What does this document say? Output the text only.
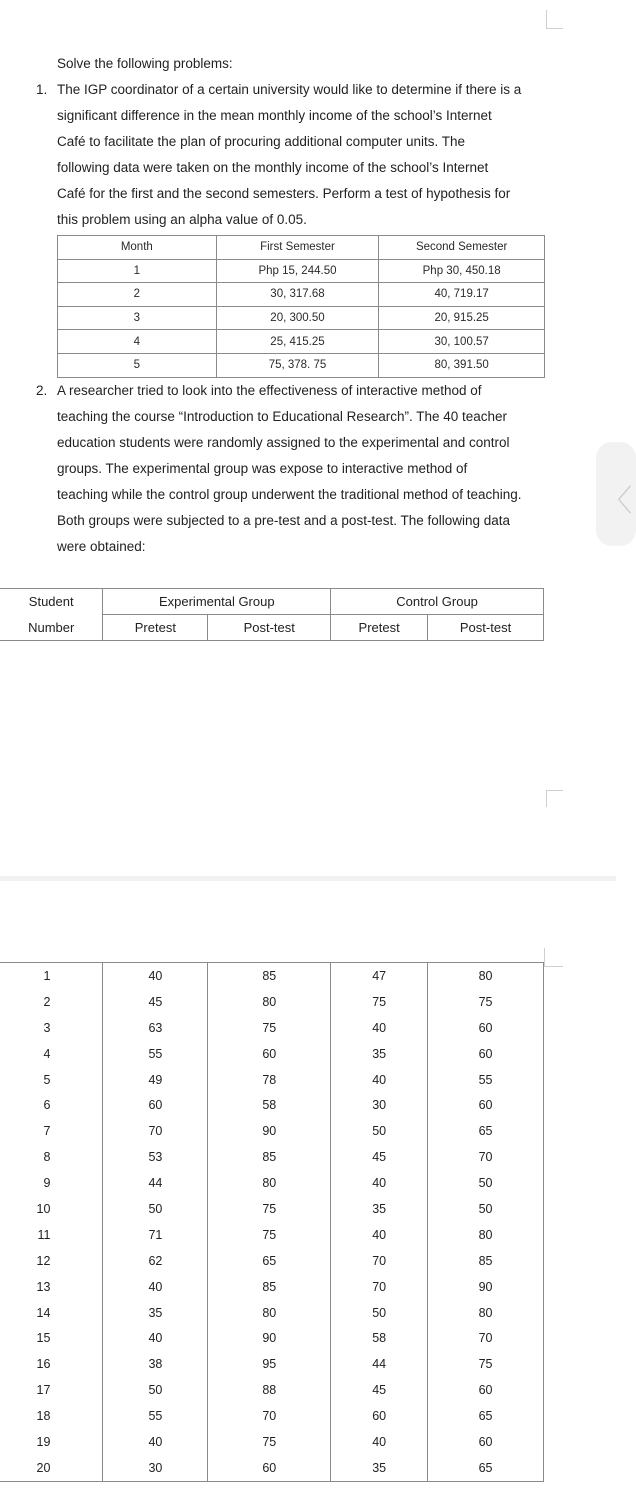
〈
Solve the following problems:
1. The IGP coordinator of a certain university would like to determine if there is a
significant difference in the mean monthly income of the school’s Internet
Café to facilitate the plan of procuring additional computer units. The
following data were taken on the monthly income of the school’s Internet
Café for the first and the second semesters. Perform a test of hypothesis for
this problem using an alpha value of 0.05.
Month	First Semester	Second Semester
1	Php 15, 244.50	Php 30, 450.18
2	30, 317.68	40, 719.17
3	20, 300.50	20, 915.25
4	25, 415.25	30, 100.57
5	75, 378. 75	80, 391.50
2. A researcher tried to look into the effectiveness of interactive method of
teaching the course “Introduction to Educational Research”. The 40 teacher
education students were randomly assigned to the experimental and control
groups. The experimental group was expose to interactive method of
teaching while the control group underwent the traditional method of teaching.
Both groups were subjected to a pre-test and a post-test. The following data
were obtained:
Student	Experimental Group		Control Group	
Number	Pretest	Post-test	Pretest	Post-test
1	40	85	47	80
2	45	80	75	75
3	63	75	40	60
4	55	60	35	60
5	49	78	40	55
6	60	58	30	60
7	70	90	50	65
8	53	85	45	70
9	44	80	40	50
10	50	75	35	50
11	71	75	40	80
12	62	65	70	85
13	40	85	70	90
14	35	80	50	80
15	40	90	58	70
16	38	95	44	75
17	50	88	45	60
18	55	70	60	65
19	40	75	40	60
20	30	60	35	65
